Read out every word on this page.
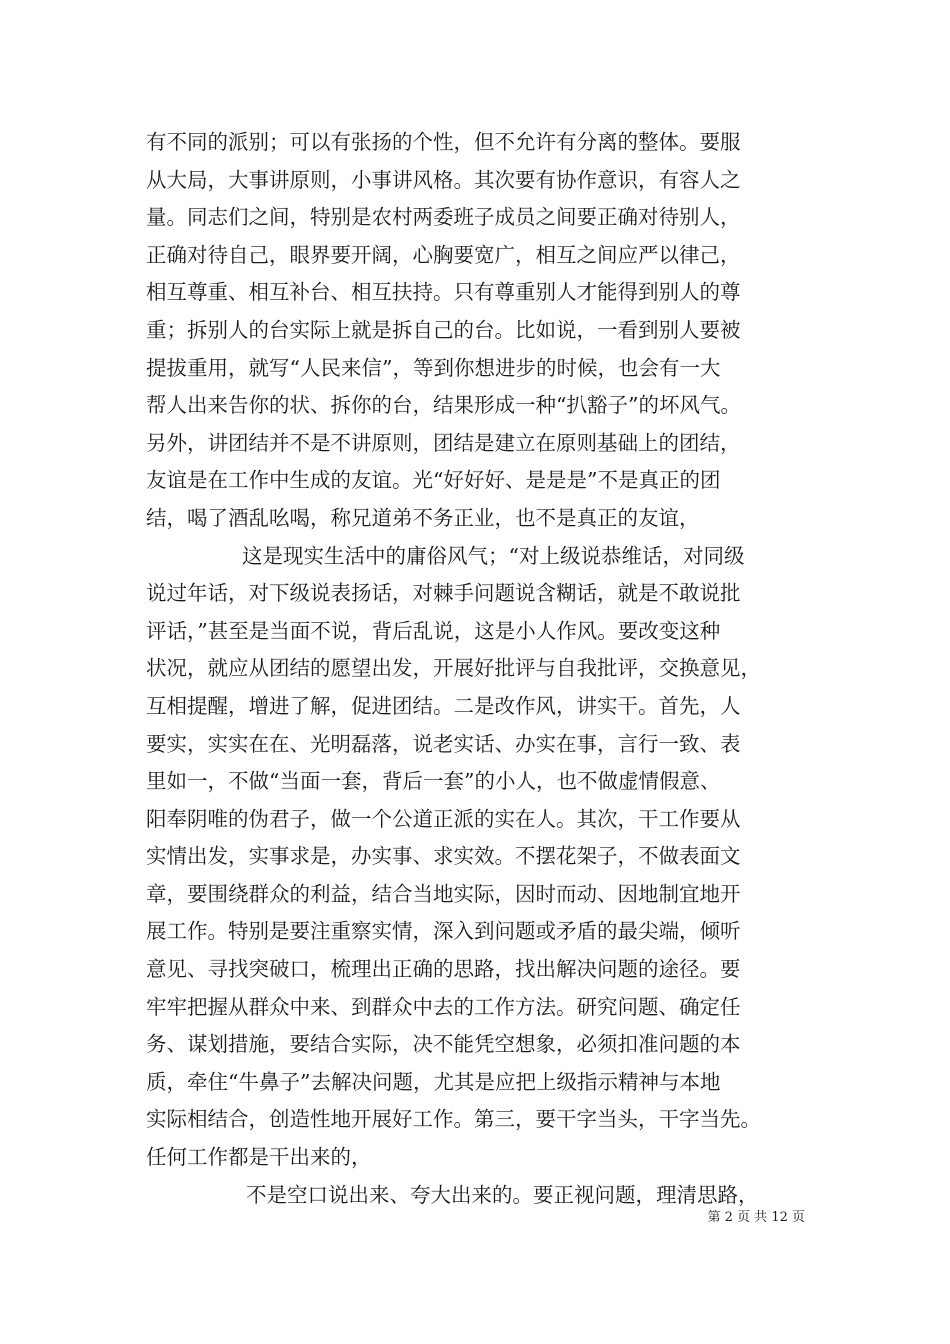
有不同的派别；可以有张扬的个性，但不允许有分离的整体。要服
从大局，大事讲原则，小事讲风格。其次要有协作意识，有容人之
量。同志们之间，特别是农村两委班子成员之间要正确对待别人，
正确对待自己，眼界要开阔，心胸要宽广，相互之间应严以律己，
相互尊重、相互补台、相互扶持。只有尊重别人才能得到别人的尊
重；拆别人的台实际上就是拆自己的台。比如说，一看到别人要被
提拔重用，就写“人民来信”，等到你想进步的时候，也会有一大
帮人出来告你的状、拆你的台，结果形成一种“扒豁子”的坏风气。
另外，讲团结并不是不讲原则，团结是建立在原则基础上的团结，
友谊是在工作中生成的友谊。光“好好好、是是是”不是真正的团
结，喝了酒乱吆喝，称兄道弟不务正业，也不是真正的友谊，
这是现实生活中的庸俗风气；“对上级说恭维话，对同级
说过年话，对下级说表扬话，对棘手问题说含糊话，就是不敢说批
评话，”甚至是当面不说，背后乱说，这是小人作风。要改变这种
状况，就应从团结的愿望出发，开展好批评与自我批评，交换意见，
互相提醒，增进了解，促进团结。二是改作风，讲实干。首先，人
要实，实实在在、光明磊落，说老实话、办实在事，言行一致、表
里如一，不做“当面一套，背后一套”的小人，也不做虚情假意、
阳奉阴唯的伪君子，做一个公道正派的实在人。其次，干工作要从
实情出发，实事求是，办实事、求实效。不摆花架子，不做表面文
章，要围绕群众的利益，结合当地实际，因时而动、因地制宜地开
展工作。特别是要注重察实情，深入到问题或矛盾的最尖端，倾听
意见、寻找突破口，梳理出正确的思路，找出解决问题的途径。要
牢牢把握从群众中来、到群众中去的工作方法。研究问题、确定任
务、谋划措施，要结合实际，决不能凭空想象，必须扣准问题的本
质，牵住“牛鼻子”去解决问题，尤其是应把上级指示精神与本地
实际相结合，创造性地开展好工作。第三，要干字当头，干字当先。
任何工作都是干出来的，
不是空口说出来、夸大出来的。要正视问题，理清思路，
第 2 页 共 12 页
